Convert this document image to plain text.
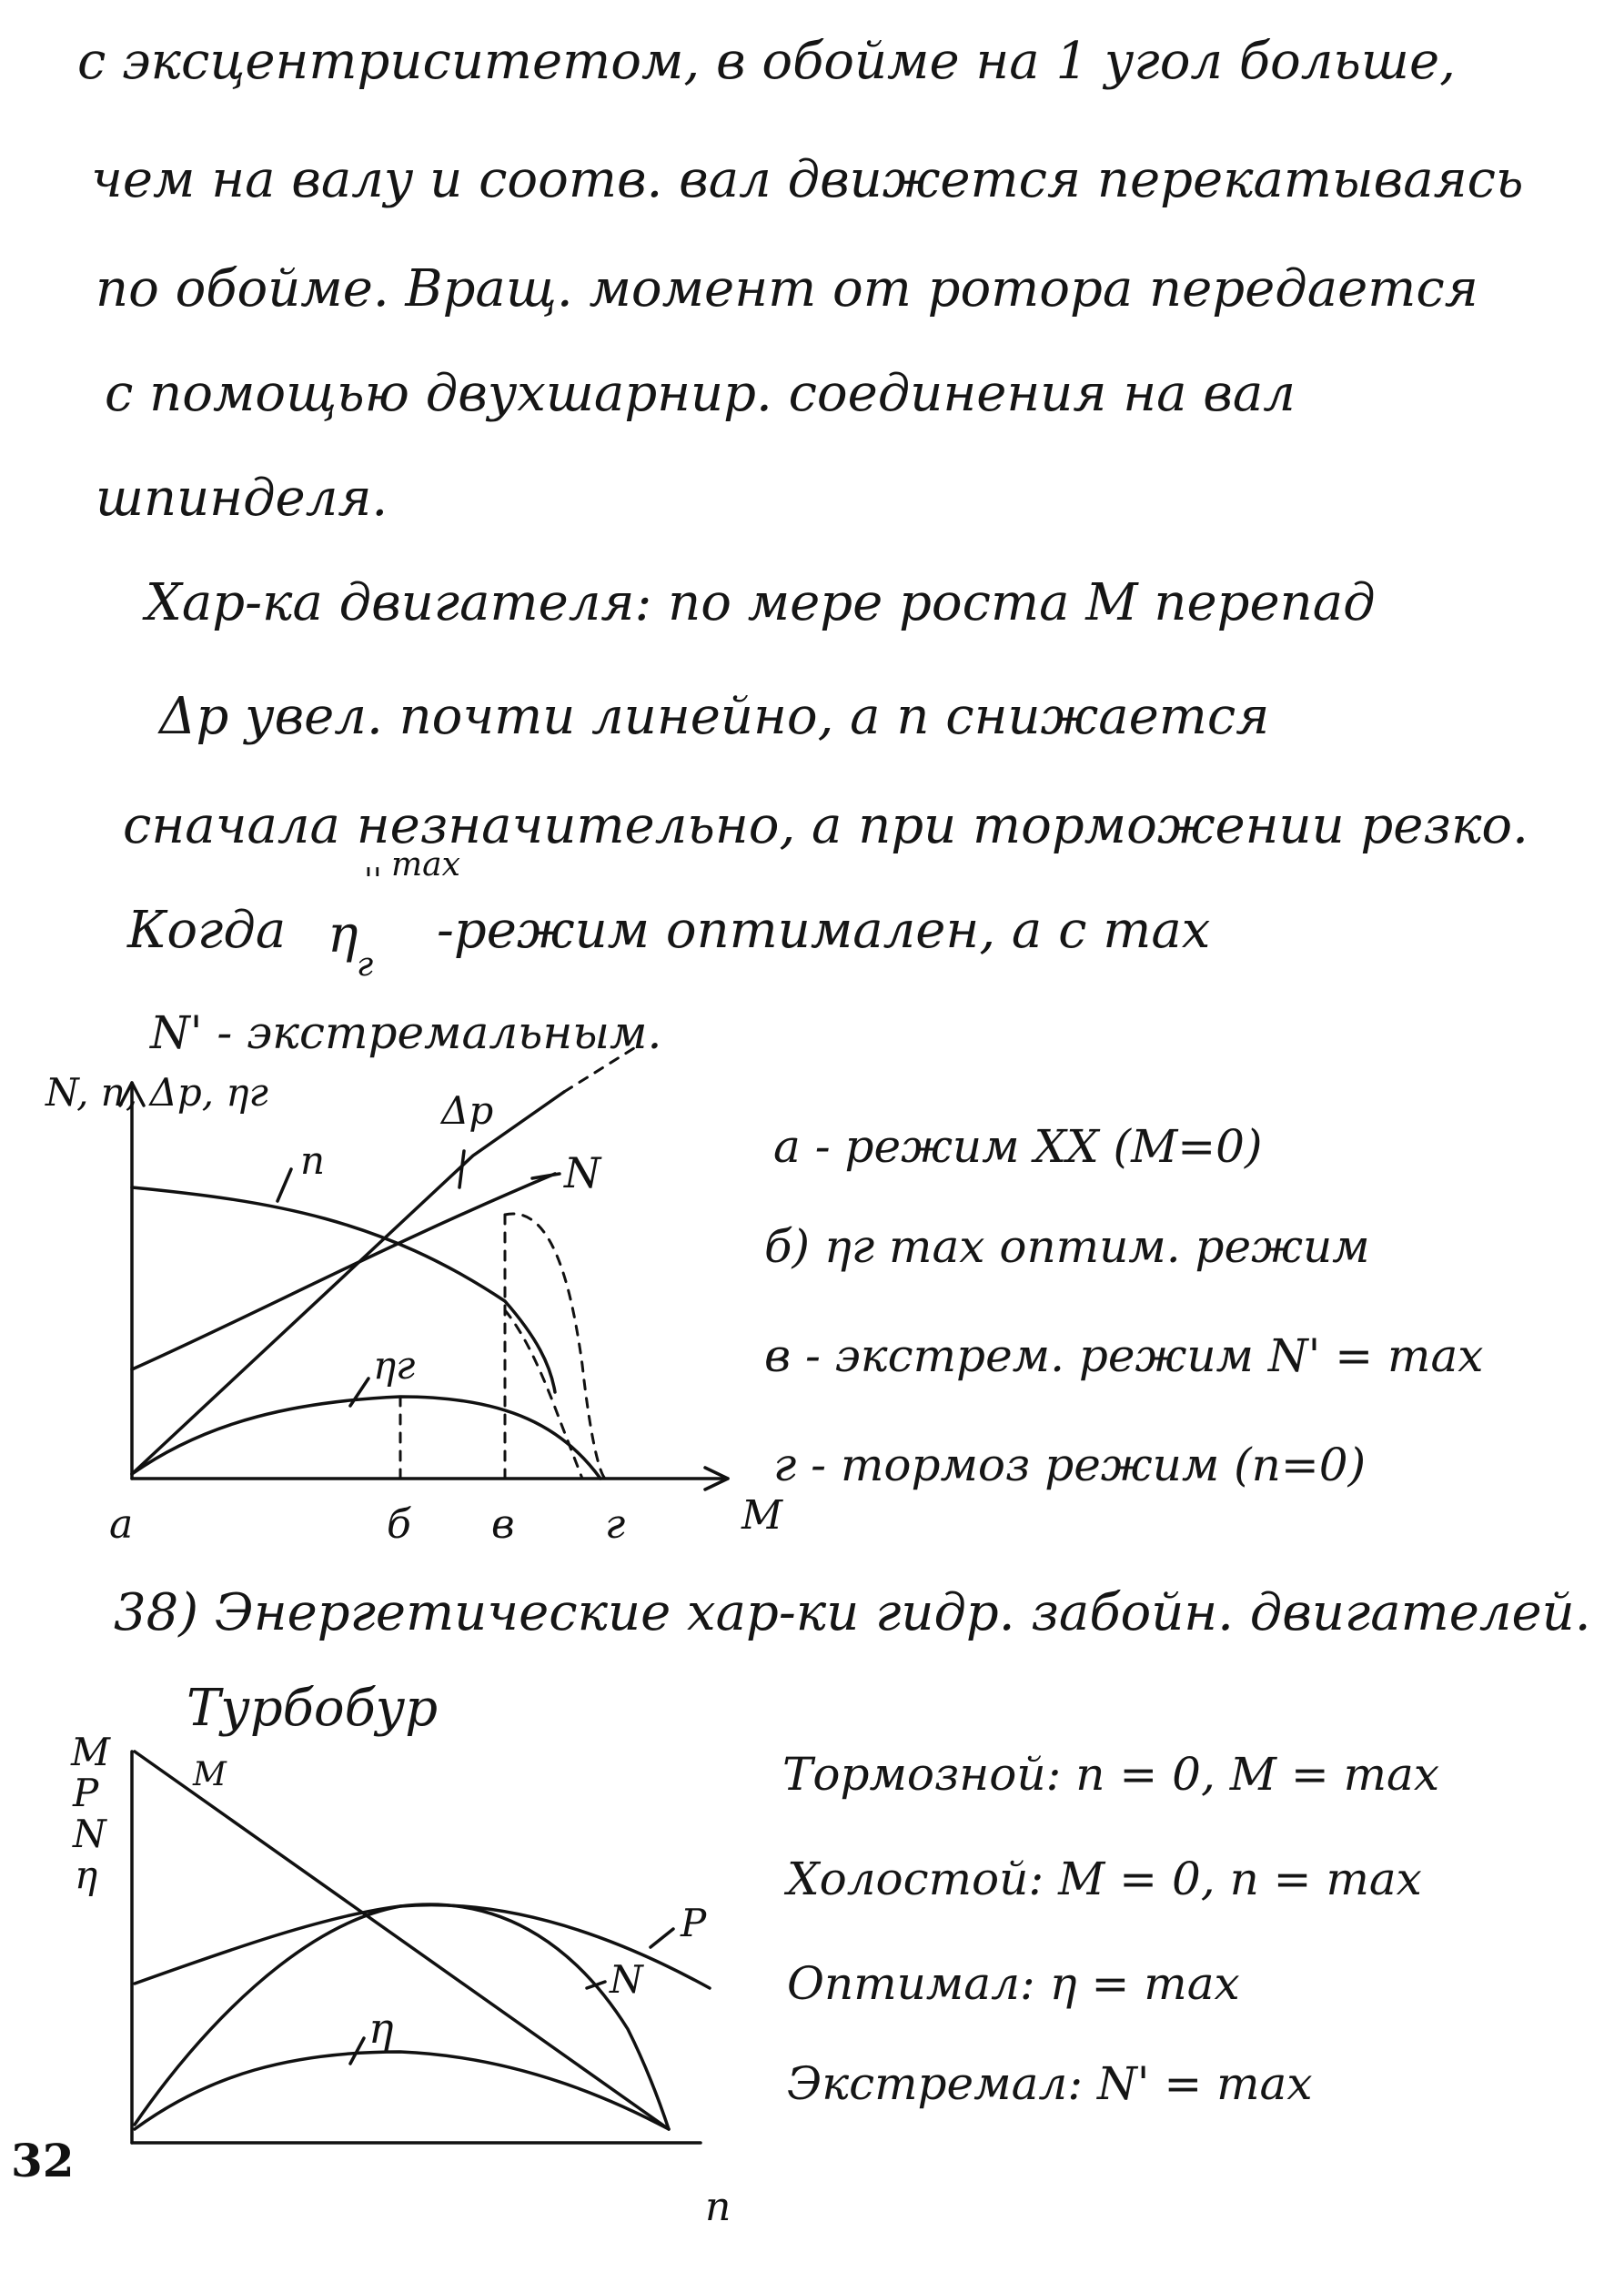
с эксцентриситетом, в обойме на 1 угол больше,
чем на валу и соотв. вал движется перекатываясь
по обойме. Вращ. момент от ротора передается
с помощью двухшарнир. соединения на вал
шпинделя.
Хар-ка двигателя: по мере роста M перепад
Δp увел. почти линейно, а n снижается
сначала незначительно, а при торможении резко.
Когда η
г
'' max
-режим оптимален, а с max
N' - экстремальным.
N, n, Δp, ηг
n
Δp
N
ηг
M
а	б в г
а - режим XX (M=0)
б) ηг max оптим. режим
в - экстрем. режим N' = max
г - тормоз режим (n=0)
38) Энергетические хар-ки гидр. забойн. двигателей.
Турбобур
M
P
N
η
M
P
N
η
n
Тормозной: n = 0, M = max
Холостой: M = 0, n = max
Оптимал: η = max
Экстремал: N' = max
32
